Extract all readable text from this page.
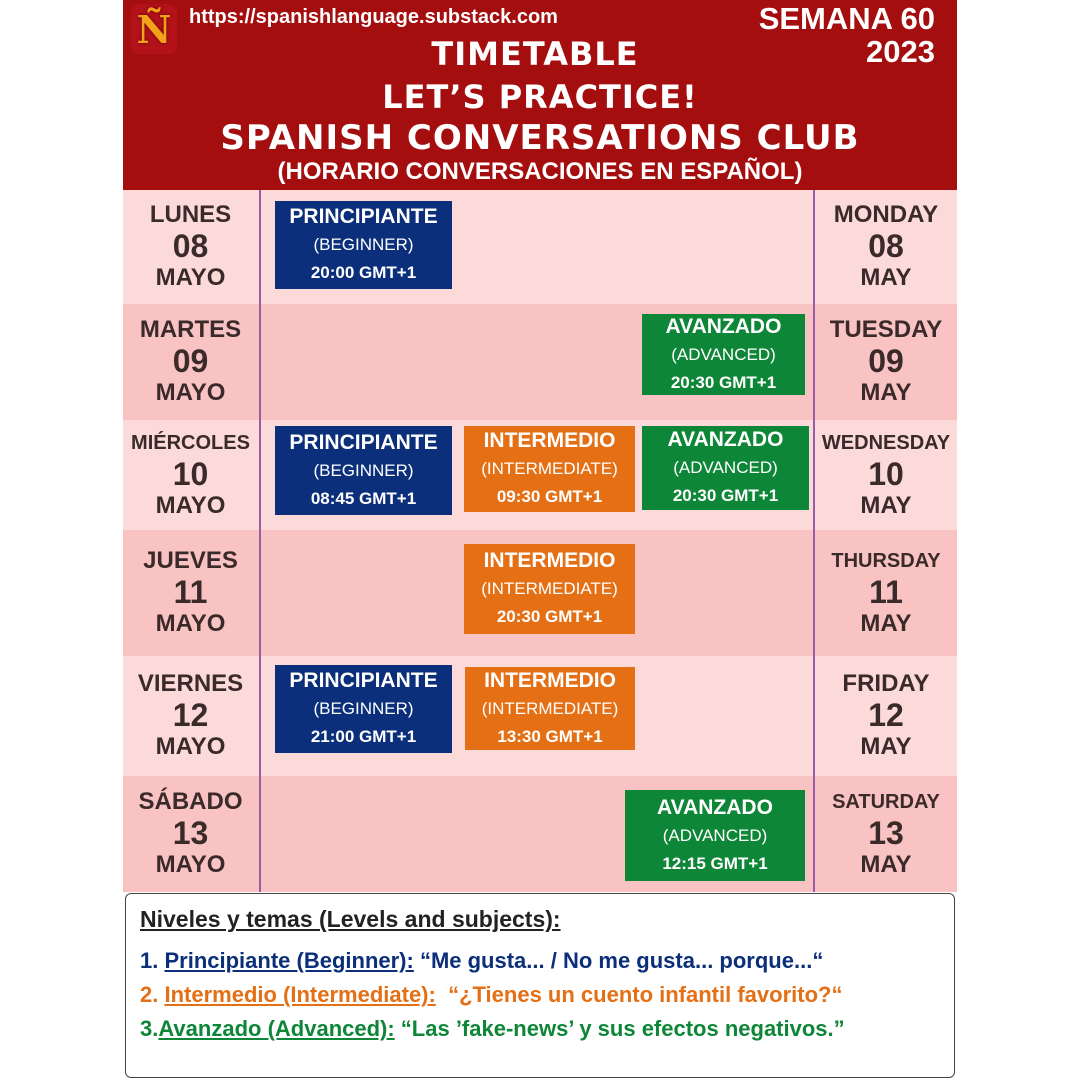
Ñ https://spanishlanguage.substack.com	SEMANA 60
2023
TIMETABLE
LET’S PRACTICE!
SPANISH CONVERSATIONS CLUB
(HORARIO CONVERSACIONES EN ESPAÑOL)
LUNES
08
MAYO
PRINCIPIANTE
(BEGINNER)
20:00 GMT+1
MONDAY
08
MAY
MARTES
09
MAYO
AVANZADO
(ADVANCED)
20:30 GMT+1
TUESDAY
09
MAY
MIÉRCOLES
10
MAYO
PRINCIPIANTE
(BEGINNER)
08:45 GMT+1
INTERMEDIO
(INTERMEDIATE)
09:30 GMT+1
AVANZADO
(ADVANCED)
20:30 GMT+1
WEDNESDAY
10
MAY
JUEVES
11
MAYO
INTERMEDIO
(INTERMEDIATE)
20:30 GMT+1
THURSDAY
11
MAY
VIERNES
12
MAYO
PRINCIPIANTE
(BEGINNER)
21:00 GMT+1
INTERMEDIO
(INTERMEDIATE)
13:30 GMT+1
FRIDAY
12
MAY
SÁBADO
13
MAYO
AVANZADO
(ADVANCED)
12:15 GMT+1
SATURDAY
13
MAY
Niveles y temas (Levels and subjects):
1. Principiante (Beginner): “Me gusta... / No me gusta... porque...“
2. Intermedio (Intermediate):  “¿Tienes un cuento infantil favorito?“
3.Avanzado (Advanced): “Las ’fake-news’ y sus efectos negativos.”
